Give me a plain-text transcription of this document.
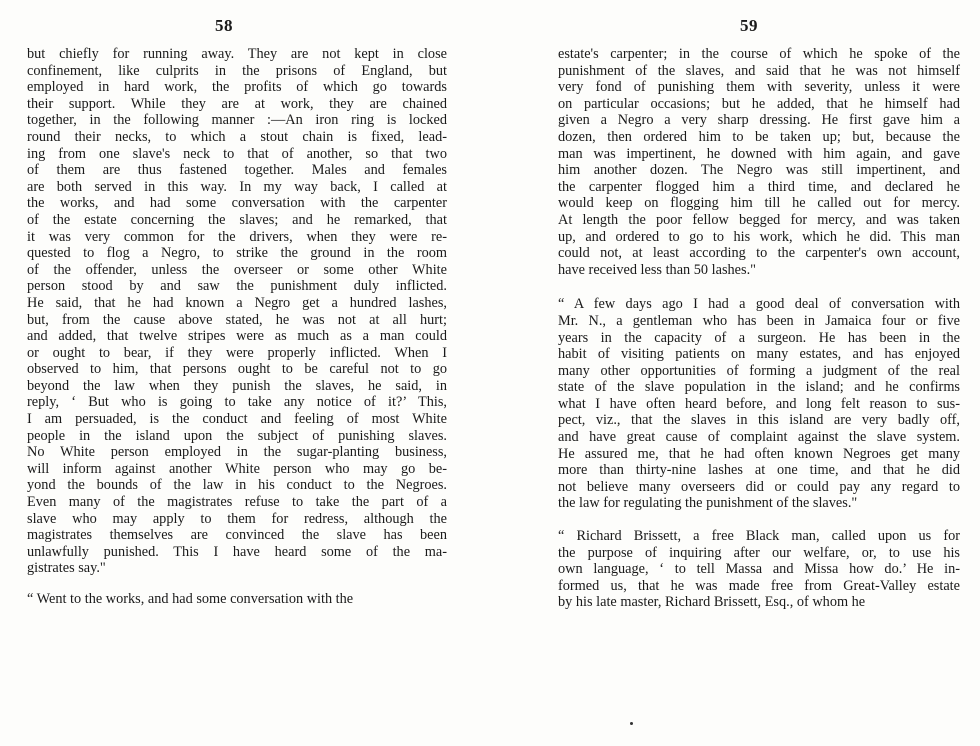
58
but chiefly for running away. They are not kept in close
confinement, like culprits in the prisons of England, but
employed in hard work, the profits of which go towards
their support. While they are at work, they are chained
together, in the following manner :—An iron ring is locked
round their necks, to which a stout chain is fixed, lead-
ing from one slave's neck to that of another, so that two
of them are thus fastened together. Males and females
are both served in this way. In my way back, I called at
the works, and had some conversation with the carpenter
of the estate concerning the slaves; and he remarked, that
it was very common for the drivers, when they were re-
quested to flog a Negro, to strike the ground in the room
of the offender, unless the overseer or some other White
person stood by and saw the punishment duly inflicted.
He said, that he had known a Negro get a hundred lashes,
but, from the cause above stated, he was not at all hurt;
and added, that twelve stripes were as much as a man could
or ought to bear, if they were properly inflicted. When I
observed to him, that persons ought to be careful not to go
beyond the law when they punish the slaves, he said, in
reply, ‘ But who is going to take any notice of it?’ This,
I am persuaded, is the conduct and feeling of most White
people in the island upon the subject of punishing slaves.
No White person employed in the sugar-planting business,
will inform against another White person who may go be-
yond the bounds of the law in his conduct to the Negroes.
Even many of the magistrates refuse to take the part of a
slave who may apply to them for redress, although the
magistrates themselves are convinced the slave has been
unlawfully punished. This I have heard some of the ma-
gistrates say."
“ Went to the works, and had some conversation with the
59
estate's carpenter; in the course of which he spoke of the
punishment of the slaves, and said that he was not himself
very fond of punishing them with severity, unless it were
on particular occasions; but he added, that he himself had
given a Negro a very sharp dressing. He first gave him a
dozen, then ordered him to be taken up; but, because the
man was impertinent, he downed with him again, and gave
him another dozen. The Negro was still impertinent, and
the carpenter flogged him a third time, and declared he
would keep on flogging him till he called out for mercy.
At length the poor fellow begged for mercy, and was taken
up, and ordered to go to his work, which he did. This man
could not, at least according to the carpenter's own account,
have received less than 50 lashes."
“ A few days ago I had a good deal of conversation with
Mr. N., a gentleman who has been in Jamaica four or five
years in the capacity of a surgeon. He has been in the
habit of visiting patients on many estates, and has enjoyed
many other opportunities of forming a judgment of the real
state of the slave population in the island; and he confirms
what I have often heard before, and long felt reason to sus-
pect, viz., that the slaves in this island are very badly off,
and have great cause of complaint against the slave system.
He assured me, that he had often known Negroes get many
more than thirty-nine lashes at one time, and that he did
not believe many overseers did or could pay any regard to
the law for regulating the punishment of the slaves."
“ Richard Brissett, a free Black man, called upon us for
the purpose of inquiring after our welfare, or, to use his
own language, ‘ to tell Massa and Missa how do.’ He in-
formed us, that he was made free from Great-Valley estate
by his late master, Richard Brissett, Esq., of whom he
